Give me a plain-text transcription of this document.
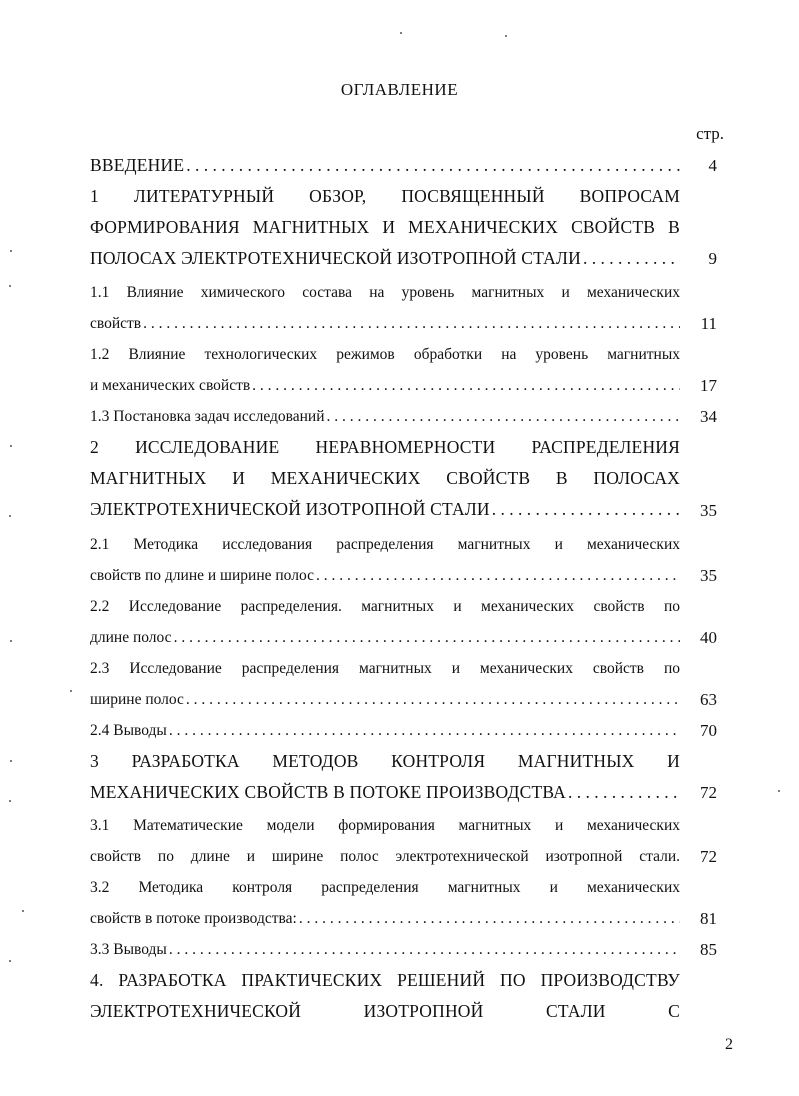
ОГЛАВЛЕНИЕ
стр.
ВВЕДЕНИЕ . . .	4
1 ЛИТЕРАТУРНЫЙ ОБЗОР, ПОСВЯЩЕННЫЙ ВОПРОСАМ
ФОРМИРОВАНИЯ МАГНИТНЫХ И МЕХАНИЧЕСКИХ СВОЙСТВ В
ПОЛОСАХ ЭЛЕКТРОТЕХНИЧЕСКОЙ ИЗОТРОПНОЙ СТАЛИ . . .	9
1.1 Влияние химического состава на уровень магнитных и механических
свойств . . .	11
1.2 Влияние технологических режимов обработки на уровень магнитных
и механических свойств . . .	17
1.3 Постановка задач исследований . . .	34
2 ИССЛЕДОВАНИЕ НЕРАВНОМЕРНОСТИ РАСПРЕДЕЛЕНИЯ
МАГНИТНЫХ И МЕХАНИЧЕСКИХ СВОЙСТВ В ПОЛОСАХ
ЭЛЕКТРОТЕХНИЧЕСКОЙ ИЗОТРОПНОЙ СТАЛИ . . .	35
2.1 Методика исследования распределения магнитных и механических
свойств по длине и ширине полос . . .	35
2.2 Исследование распределения. магнитных и механических свойств по
длине полос . . .	40
2.3 Исследование распределения магнитных и механических свойств по
ширине полос . . .	63
2.4 Выводы . . .	70
3 РАЗРАБОТКА МЕТОДОВ КОНТРОЛЯ МАГНИТНЫХ И
МЕХАНИЧЕСКИХ СВОЙСТВ В ПОТОКЕ ПРОИЗВОДСТВА . . .	72
3.1 Математические модели формирования магнитных и механических
свойств по длине и ширине полос электротехнической изотропной стали.	72
3.2 Методика контроля распределения магнитных и механических
свойств в потоке производства: . . .	81
3.3 Выводы . . .	85
4. РАЗРАБОТКА ПРАКТИЧЕСКИХ РЕШЕНИЙ ПО ПРОИЗВОДСТВУ
ЭЛЕКТРОТЕХНИЧЕСКОЙ ИЗОТРОПНОЙ СТАЛИ С
2
